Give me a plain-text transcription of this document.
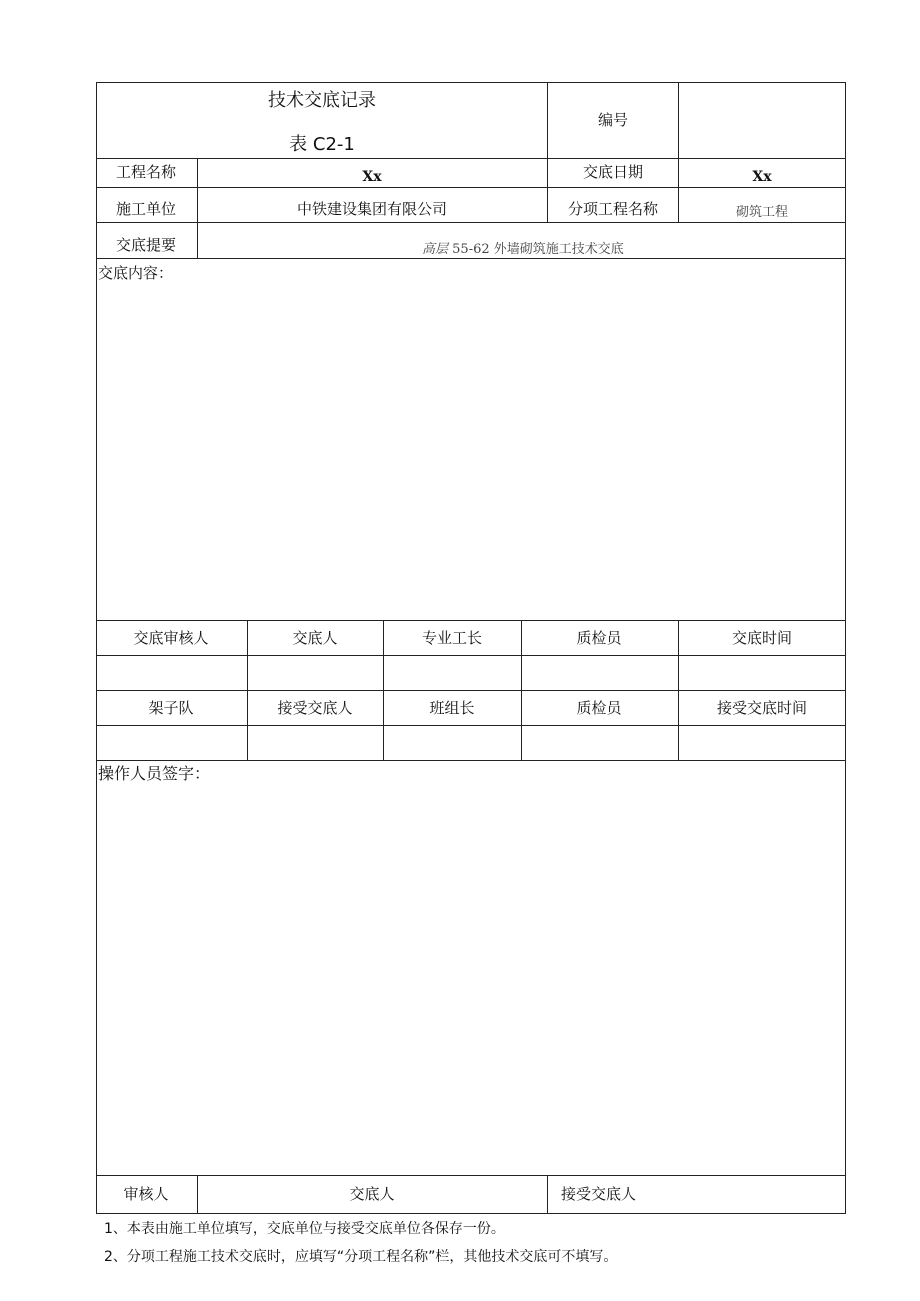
技术交底记录
表 C2-1
编号
工程名称	Xx	交底日期	Xx
施工单位	中铁建设集团有限公司	分项工程名称	砌筑工程
交底提要	高层 55-62 外墙砌筑施工技术交底
交底内容：
交底审核人	交底人	专业工长	质检员	交底时间
架子队	接受交底人	班组长	质检员	接受交底时间
操作人员签字：
审核人	交底人	接受交底人
1、本表由施工单位填写，交底单位与接受交底单位各保存一份。
2、分项工程施工技术交底时，应填写“分项工程名称”栏，其他技术交底可不填写。
